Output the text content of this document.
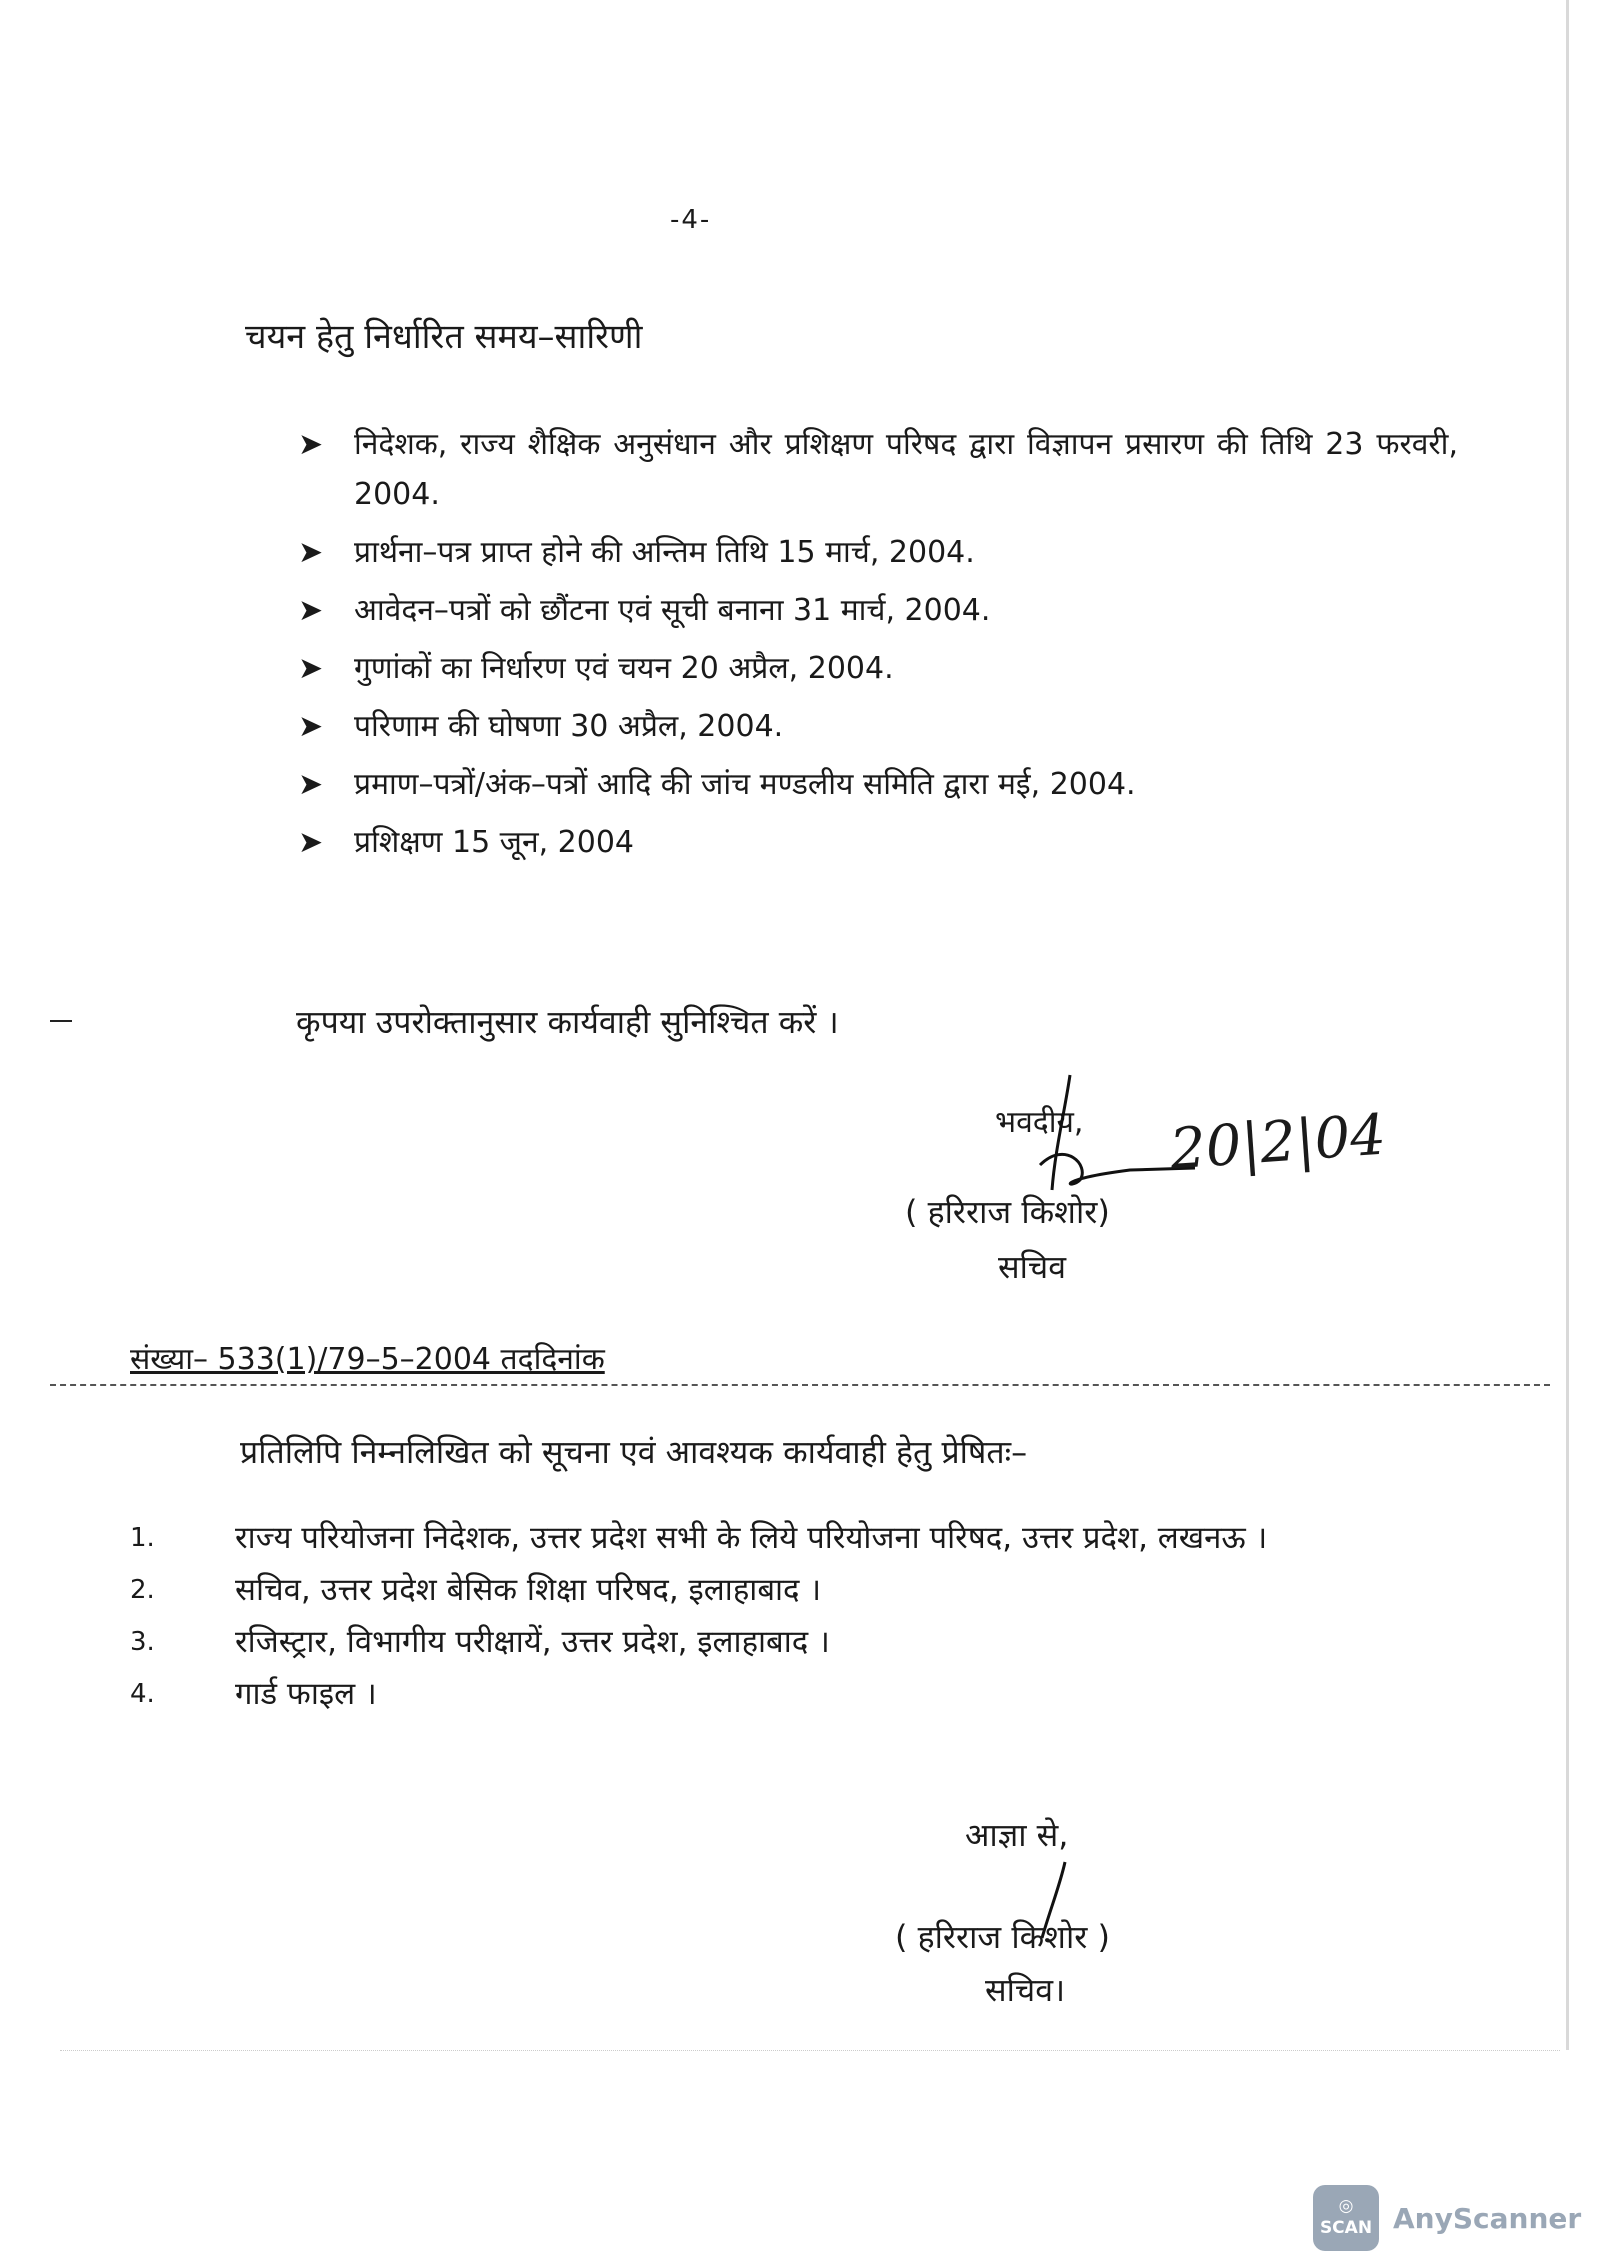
-4-
चयन हेतु निर्धारित समय–सारिणी
➤ निदेशक, राज्य शैक्षिक अनुसंधान और प्रशिक्षण परिषद द्वारा विज्ञापन प्रसारण की तिथि 23 फरवरी, 2004.
➤ प्रार्थना–पत्र प्राप्त होने की अन्तिम तिथि 15 मार्च, 2004.
➤ आवेदन–पत्रों को छौंटना एवं सूची बनाना 31 मार्च, 2004.
➤ गुणांकों का निर्धारण एवं चयन 20 अप्रैल, 2004.
➤ परिणाम की घोषणा 30 अप्रैल, 2004.
➤ प्रमाण–पत्रों/अंक–पत्रों आदि की जांच मण्डलीय समिति द्वारा मई, 2004.
➤ प्रशिक्षण 15 जून, 2004
कृपया उपरोक्तानुसार कार्यवाही सुनिश्चित करें ।
भवदीय, 20|2|04
( हरिराज किशोर)
सचिव
संख्या– 533(1)/79–5–2004 तददिनांक
प्रतिलिपि निम्नलिखित को सूचना एवं आवश्यक कार्यवाही हेतु प्रेषितः–
1.	राज्य परियोजना निदेशक, उत्तर प्रदेश सभी के लिये परियोजना परिषद, उत्तर प्रदेश, लखनऊ ।
2.	सचिव, उत्तर प्रदेश बेसिक शिक्षा परिषद, इलाहाबाद ।
3.	रजिस्ट्रार, विभागीय परीक्षायें, उत्तर प्रदेश, इलाहाबाद ।
4.	गार्ड फाइल ।
आज्ञा से,
( हरिराज किशोर )
सचिव।
◎
SCAN AnyScanner
